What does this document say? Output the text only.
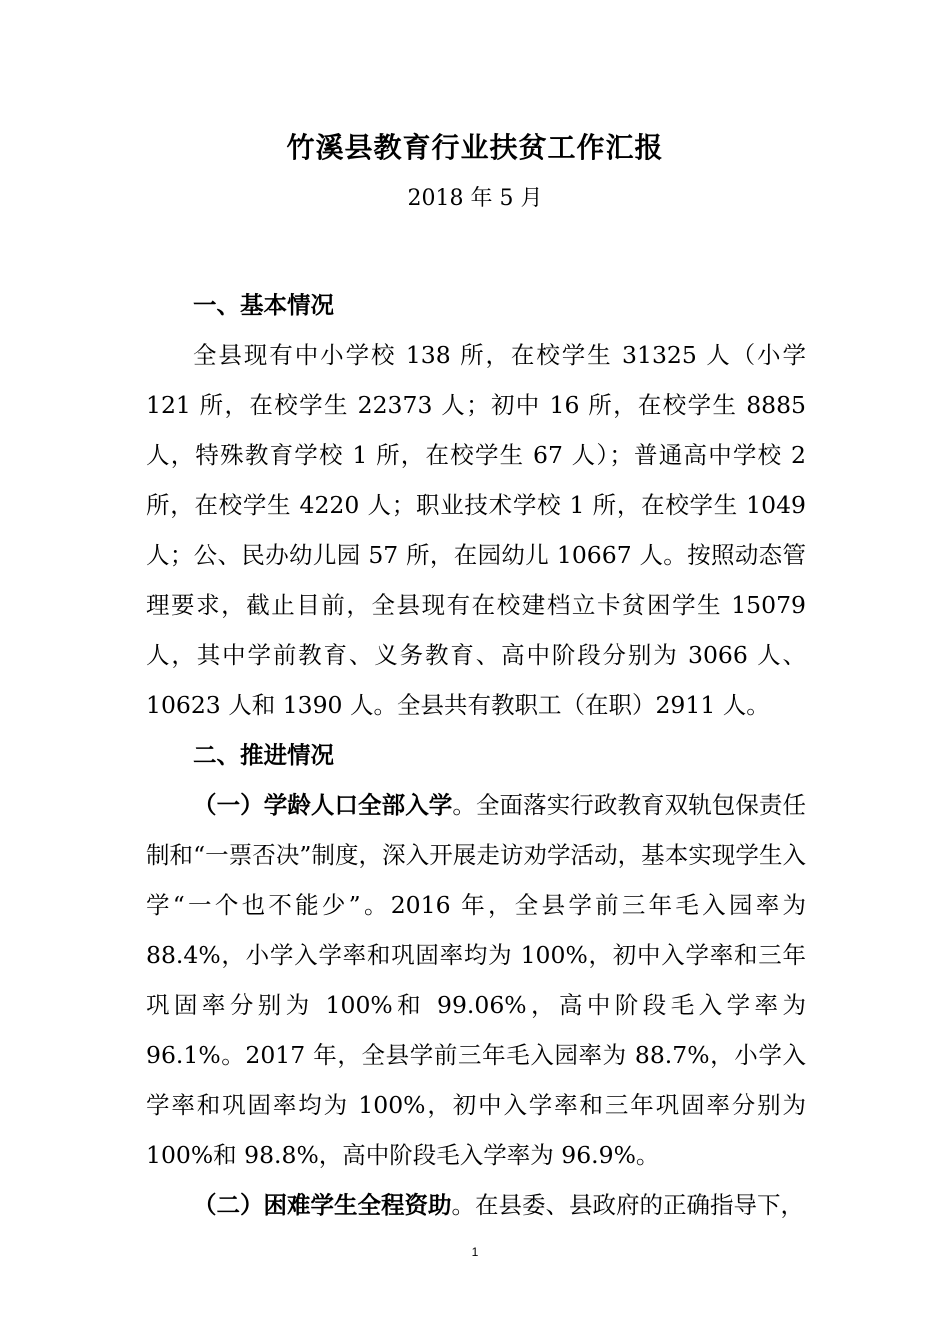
竹溪县教育行业扶贫工作汇报
2018 年 5 月

一、基本情况

全县现有中小学校 138 所，在校学生 31325 人（小学 121 所，在校学生 22373 人；初中 16 所，在校学生 8885 人，特殊教育学校 1 所，在校学生 67 人）；普通高中学校 2 所，在校学生 4220 人；职业技术学校 1 所，在校学生 1049 人；公、民办幼儿园 57 所，在园幼儿 10667 人。按照动态管理要求，截止目前，全县现有在校建档立卡贫困学生 15079 人，其中学前教育、义务教育、高中阶段分别为 3066 人、10623 人和 1390 人。全县共有教职工（在职）2911 人。

二、推进情况

（一）学龄人口全部入学。全面落实行政教育双轨包保责任制和“一票否决”制度，深入开展走访劝学活动，基本实现学生入学“一个也不能少”。2016 年，全县学前三年毛入园率为 88.4%，小学入学率和巩固率均为 100%，初中入学率和三年巩固率分别为 100%和 99.06%，高中阶段毛入学率为 96.1%。2017 年，全县学前三年毛入园率为 88.7%，小学入学率和巩固率均为 100%，初中入学率和三年巩固率分别为 100%和 98.8%，高中阶段毛入学率为 96.9%。

（二）困难学生全程资助。在县委、县政府的正确指导下，

1
